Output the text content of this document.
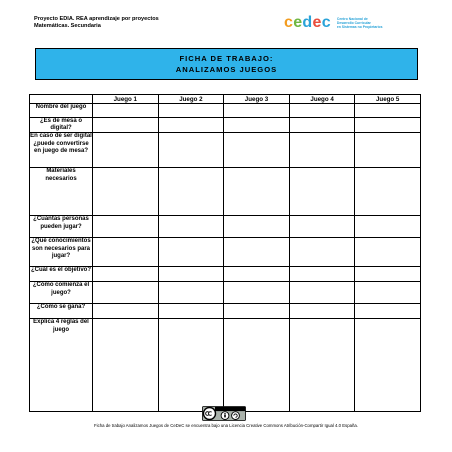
Proyecto EDIA. REA aprendizaje por proyectos
Matemáticas. Secundaria	cedec Centro Nacional de
Desarrollo Curricular
en Sistemas no Propietarios
FICHA DE TRABAJO:
ANALIZAMOS JUEGOS
	Juego 1	Juego 2	Juego 3	Juego 4	Juego 5
Nombre del juego					
¿Es de mesa o digital?					
En caso de ser digital ¿puede convertirse en juego de mesa?					
Materiales necesarios					
¿Cuántas personas pueden jugar?					
¿Qué conocimientos son necesarios para jugar?					
¿Cuál es el objetivo?					
¿Cómo comienza el juego?					
¿Cómo se gana?					
Explica 4 reglas del juego					
Ficha de trabajo Analizamos Juegos de CeDeC se encuentra bajo una Licencia Creative Commons Atribución-Compartir Igual 4.0 España.
